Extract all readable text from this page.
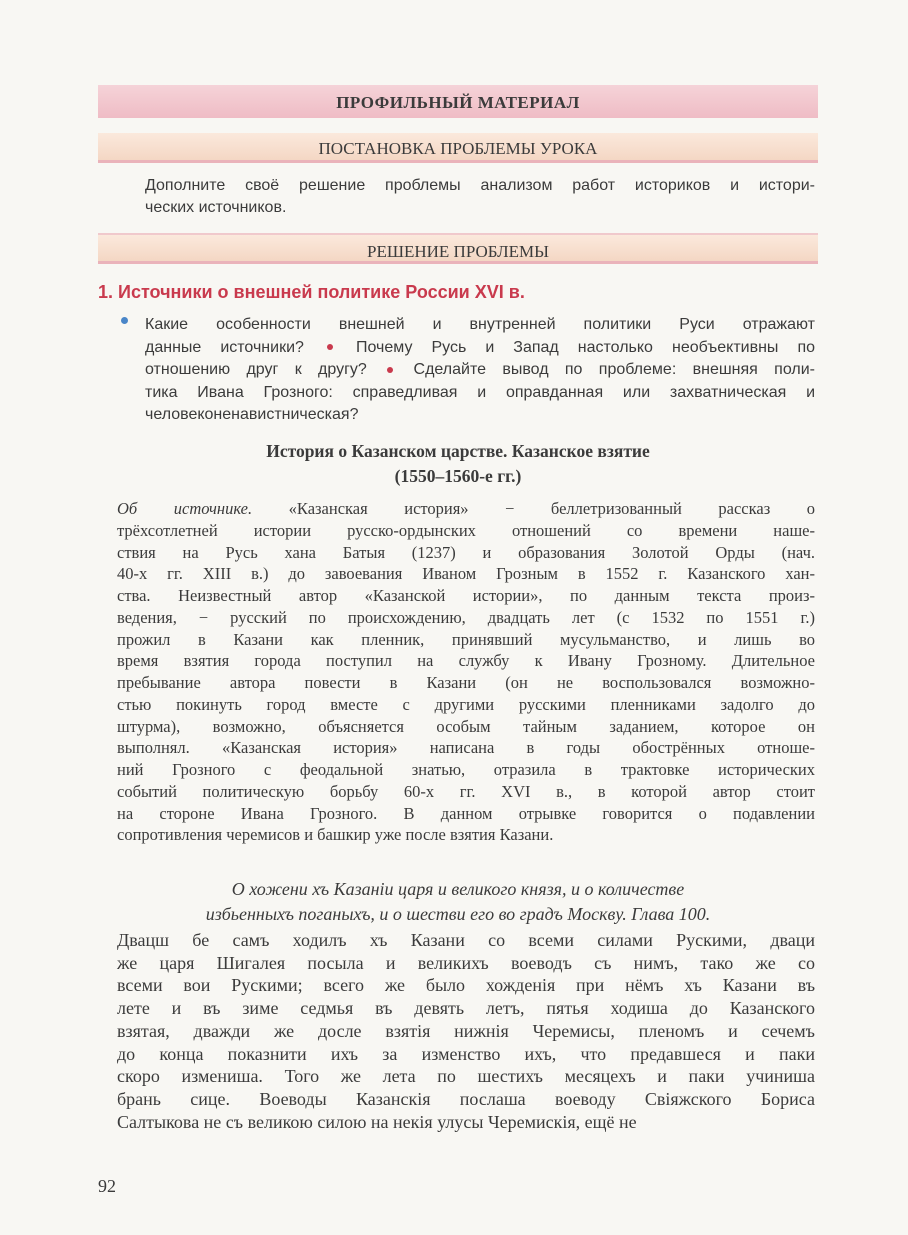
ПРОФИЛЬНЫЙ МАТЕРИАЛ
ПОСТАНОВКА ПРОБЛЕМЫ УРОКА
Дополните своё решение проблемы анализом работ историков и истори-
ческих источников.
РЕШЕНИЕ ПРОБЛЕМЫ
1. Источники о внешней политике России XVI в.
Какие особенности внешней и внутренней политики Руси отражают
данные источники?	Почему Русь и Запад настолько необъективны по
отношению друг к другу?	Сделайте вывод по проблеме: внешняя поли-
тика Ивана Грозного: справедливая и оправданная или захватническая и
человеконенавистническая?
История о Казанском царстве. Казанское взятие
(1550–1560-е гг.)
Об источнике. «Казанская история» − беллетризованный рассказ о
трёхсотлетней истории русско-ордынских отношений со времени наше-
ствия на Русь хана Батыя (1237) и образования Золотой Орды (нач.
40-х гг. XIII в.) до завоевания Иваном Грозным в 1552 г. Казанского хан-
ства. Неизвестный автор «Казанской истории», по данным текста произ-
ведения, − русский по происхождению, двадцать лет (с 1532 по 1551 г.)
прожил в Казани как пленник, принявший мусульманство, и лишь во
время взятия города поступил на службу к Ивану Грозному. Длительное
пребывание автора повести в Казани (он не воспользовался возможно-
стью покинуть город вместе с другими русскими пленниками задолго до
штурма), возможно, объясняется особым тайным заданием, которое он
выполнял. «Казанская история» написана в годы обострённых отноше-
ний Грозного с феодальной знатью, отразила в трактовке исторических
событий политическую борьбу 60-х гг. XVI в., в которой автор стоит
на стороне Ивана Грозного. В данном отрывке говорится о подавлении
сопротивления черемисов и башкир уже после взятия Казани.
О хожени хъ Казанiи царя и великого князя, и о количестве
избьенныхъ поганыхъ, и о шестви его во градъ Москву. Глава 100.
Двацш бе самъ ходилъ хъ Казани со всеми силами Рускими, дваци
же царя Шигалея посыла и великихъ воеводъ съ нимъ, тако же со
всеми вои Рускими; всего же было хожденiя при нёмъ хъ Казани въ
лете и въ зиме седмья въ девять летъ, пятья ходиша до Казанского
взятая, дважди же досле взятiя нижнiя Черемисы, пленомъ и сечемъ
до конца показнити ихъ за изменство ихъ, что предавшеся и паки
скоро измениша. Того же лета по шестихъ месяцехъ и паки учиниша
брань сице. Воеводы Казанскiя послаша воеводу Свiяжского Бориса
Салтыкова не съ великою силою на некiя улусы Черемискiя, ещё не
92
